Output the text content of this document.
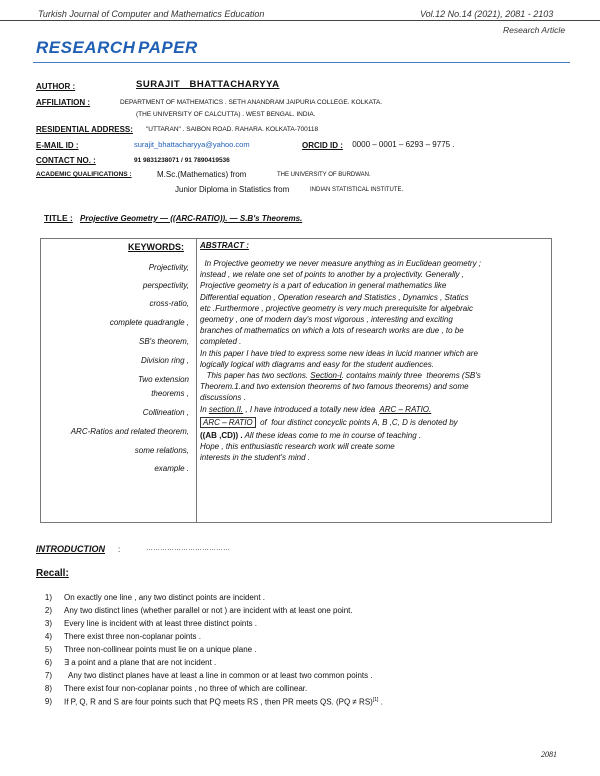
Turkish Journal of Computer and Mathematics Education	Vol.12 No.14 (2021), 2081 - 2103
Research Article
RESEARCH PAPER
AUTHOR :	SURAJIT   BHATTACHARYYA
AFFILIATION :	DEPARTMENT OF MATHEMATICS . SETH ANANDRAM JAIPURIA COLLEGE. KOLKATA.
(THE UNIVERSITY OF CALCUTTA) . WEST BENGAL. INDIA.
RESIDENTIAL ADDRESS: "UTTARAN" . SAIBON ROAD. RAHARA. KOLKATA-700118
E-MAIL ID :	surajit_bhattacharyya@yahoo.com	ORCID ID : 0000 – 0001 – 6293 – 9775 .
CONTACT NO. :	91 9831238071 / 91 7890419536
ACADEMIC QUALIFICATIONS :	M.Sc.(Mathematics) from	THE UNIVERSITY OF BURDWAN.
Junior Diploma in Statistics from	INDIAN STATISTICAL INSTITUTE.
TITLE : Projective Geometry — ((ARC-RATIO)). — S.B's Theorems.
KEYWORDS:
Projectivity,
perspectivity,
cross-ratio,
complete quadrangle ,
SB's theorem,
Division ring ,
Two extension
theorems ,
Collineation ,
ARC-Ratios and related theorem,
some relations,
example .
ABSTRACT :
In Projective geometry we never measure anything as in Euclidean geometry ;
instead , we relate one set of points to another by a projectivity. Generally ,
Projective geometry is a part of education in general mathematics like
Differential equation , Operation research and Statistics , Dynamics , Statics
etc .Furthermore , projective geometry is very much prerequisite for algebraic
geometry , one of modern day's most vigorous , interesting and exciting
branches of mathematics on which a lots of research works are due , to be
completed .
In this paper I have tried to express some new ideas in lucid manner which are
logically logical with diagrams and easy for the student audiences.
This paper has two sections. Section-I. contains mainly three  theorems (SB's
Theorem.1.and two extension theorems of two famous theorems) and some
discussions .
In section.II. , I have introduced a totally new idea  ARC – RATIO.
ARC – RATIO  of  four distinct concyclic points A, B ,C, D is denoted by
((AB ,CD)) . All these ideas come to me in course of teaching .
Hope , this enthusiastic research work will create some
interests in the student's mind .
INTRODUCTION :	………………………………
Recall:
1) On exactly one line , any two distinct points are incident .
2) Any two distinct lines (whether parallel or not ) are incident with at least one point.
3) Every line is incident with at least three distinct points .
4) There exist three non-coplanar points .
5) Three non-collinear points must lie on a unique plane .
6) ∃ a point and a plane that are not incident .
7) Any two distinct planes have at least a line in common or at least two common points .
8) There exist four non-coplanar points , no three of which are collinear.
9) If P, Q, R and S are four points such that PQ meets RS , then PR meets QS. (PQ ≠ RS)[1] .
2081
